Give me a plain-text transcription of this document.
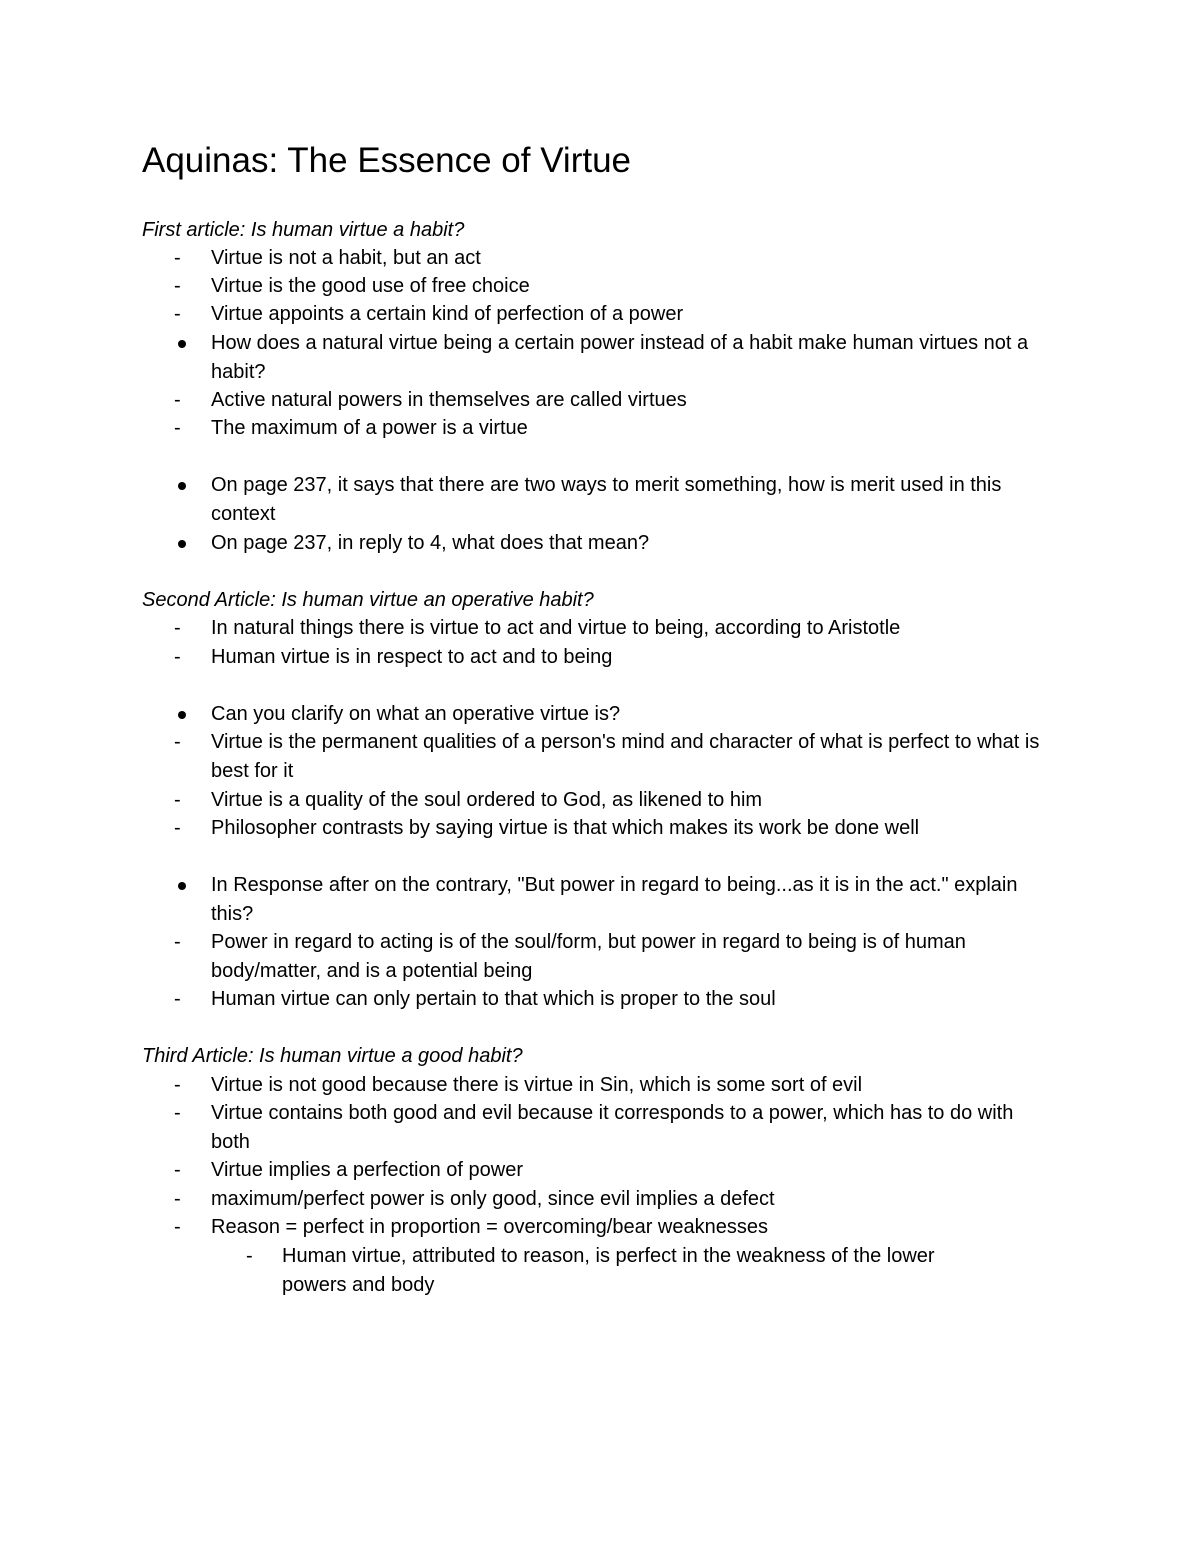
Aquinas: The Essence of Virtue
First article: Is human virtue a habit?
-
Virtue is not a habit, but an act
-
Virtue is the good use of free choice
-
Virtue appoints a certain kind of perfection of a power
How does a natural virtue being a certain power instead of a habit make human virtues not a habit?
-
Active natural powers in themselves are called virtues
-
The maximum of a power is a virtue
On page 237, it says that there are two ways to merit something, how is merit used in this context
On page 237, in reply to 4, what does that mean?
Second Article: Is human virtue an operative habit?
-
In natural things there is virtue to act and virtue to being, according to Aristotle
-
Human virtue is in respect to act and to being
Can you clarify on what an operative virtue is?
-
Virtue is the permanent qualities of a person's mind and character of what is perfect to what is best for it
-
Virtue is a quality of the soul ordered to God, as likened to him
-
Philosopher contrasts by saying virtue is that which makes its work be done well
In Response after on the contrary, "But power in regard to being...as it is in the act." explain this?
-
Power in regard to acting is of the soul/form, but power in regard to being is of human body/matter, and is a potential being
-
Human virtue can only pertain to that which is proper to the soul
Third Article: Is human virtue a good habit?
-
Virtue is not good because there is virtue in Sin, which is some sort of evil
-
Virtue contains both good and evil because it corresponds to a power, which has to do with both
-
Virtue implies a perfection of power
-
maximum/perfect power is only good, since evil implies a defect
-
Reason = perfect in proportion = overcoming/bear weaknesses
-
Human virtue, attributed to reason, is perfect in the weakness of the lower powers and body
